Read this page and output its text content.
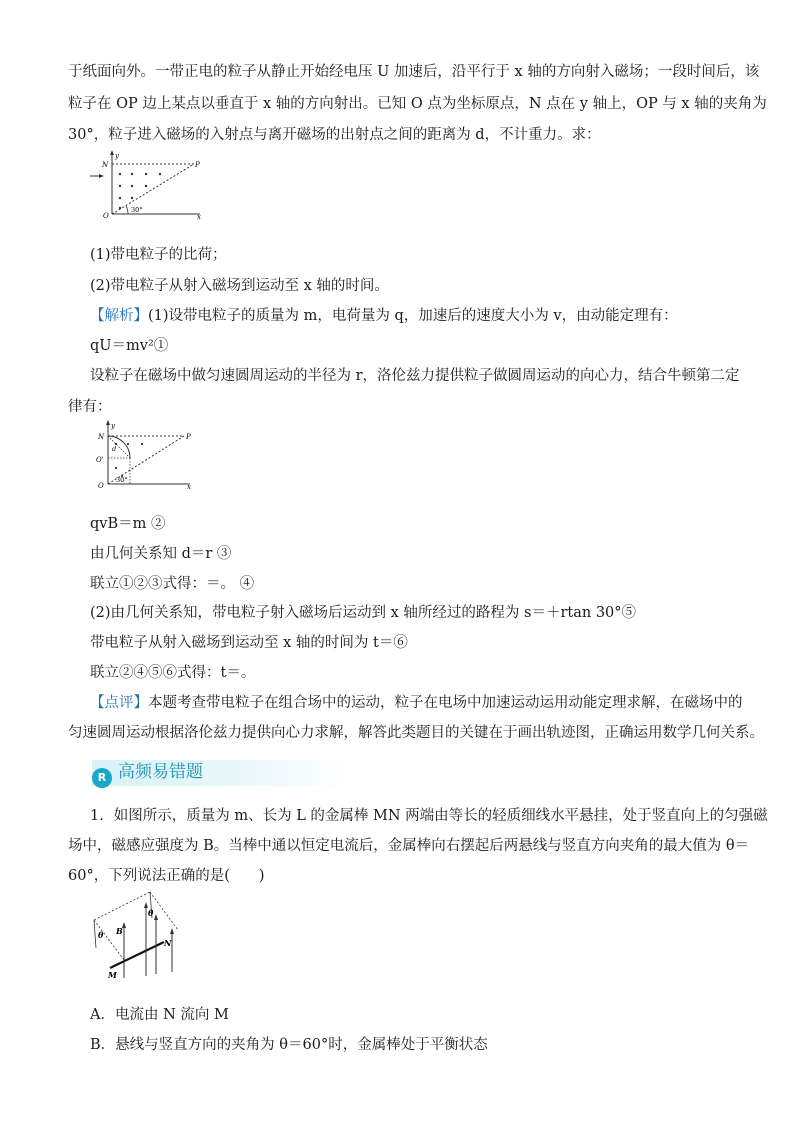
于纸面向外。一带正电的粒子从静止开始经电压 U 加速后，沿平行于 x 轴的方向射入磁场；一段时间后，该
粒子在 OP 边上某点以垂直于 x 轴的方向射出。已知 O 点为坐标原点，N 点在 y 轴上，OP 与 x 轴的夹角为
30°，粒子进入磁场的入射点与离开磁场的出射点之间的距离为 d，不计重力。求：
y
N	P
O	x
30°
(1)带电粒子的比荷；
(2)带电粒子从射入磁场到运动至 x 轴的时间。
【解析】(1)设带电粒子的质量为 m，电荷量为 q，加速后的速度大小为 v，由动能定理有：
qU＝mv²①
设粒子在磁场中做匀速圆周运动的半径为 r，洛伦兹力提供粒子做圆周运动的向心力，结合牛顿第二定
律有：
y
N	P
O'
d
O	x
30°
qvB＝m ②
由几何关系知 d＝r ③
联立①②③式得：＝。 ④
(2)由几何关系知，带电粒子射入磁场后运动到 x 轴所经过的路程为 s＝＋rtan 30°⑤
带电粒子从射入磁场到运动至 x 轴的时间为 t＝⑥
联立②④⑤⑥式得：t＝。
【点评】本题考查带电粒子在组合场中的运动，粒子在电场中加速运动运用动能定理求解，在磁场中的
匀速圆周运动根据洛伦兹力提供向心力求解，解答此类题目的关键在于画出轨迹图，正确运用数学几何关系。
R 高频易错题
1．如图所示，质量为 m、长为 L 的金属棒 MN 两端由等长的轻质细线水平悬挂，处于竖直向上的匀强磁
场中，磁感应强度为 B。当棒中通以恒定电流后，金属棒向右摆起后两悬线与竖直方向夹角的最大值为 θ＝
60°，下列说法正确的是(　　)
θ
θ
B
N
M
A．电流由 N 流向 M
B．悬线与竖直方向的夹角为 θ＝60°时，金属棒处于平衡状态
